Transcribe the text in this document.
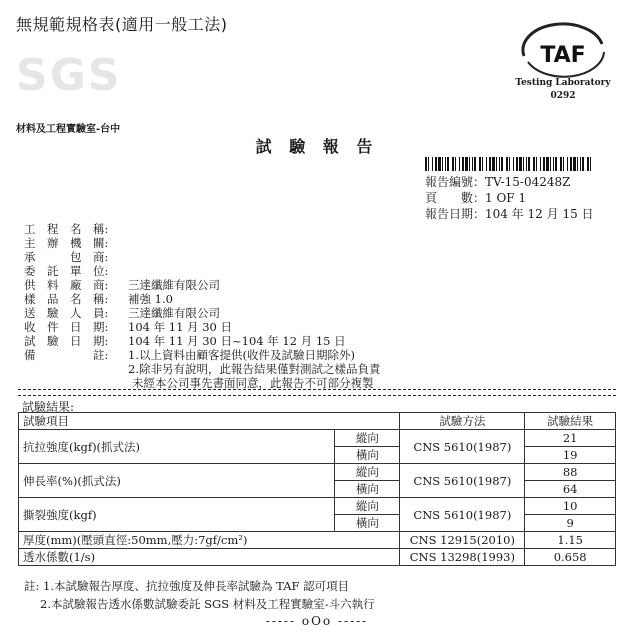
無規範規格表(適用一般工法)
SGS
材料及工程實驗室-台中
TAF
Testing Laboratory
0292
試 驗 報 告
報告編號：TV-15-04248Z
頁　　數：1 OF 1
報告日期：104 年 12 月 15 日
工　程　名　稱:
主　辦　機　關:
承　　　包　商:
委　託　單　位:
供　料　廠　商: 三達纖維有限公司
樣　品　名　稱: 補強 1.0
送　驗　人　員: 三達纖維有限公司
收　件　日　期: 104 年 11 月 30 日
試　驗　日　期: 104 年 11 月 30 日~104 年 12 月 15 日
備　　　　　註: 1.以上資料由顧客提供(收件及試驗日期除外)
2.除非另有說明，此報告結果僅對測試之樣品負責
未經本公司事先書面同意，此報告不可部分複製
試驗結果:
試驗項目		試驗方法	試驗結果
抗拉強度(kgf)(抓式法)	縱向	CNS 5610(1987)	21
	橫向		19
伸長率(%)(抓式法)	縱向	CNS 5610(1987)	88
	橫向		64
撕裂強度(kgf)	縱向	CNS 5610(1987)	10
	橫向		9
厚度(mm)(壓頭直徑:50mm,壓力:7gf/cm²)		CNS 12915(2010)	1.15
透水係數(1/s)		CNS 13298(1993)	0.658
註: 1.本試驗報告厚度、抗拉強度及伸長率試驗為 TAF 認可項目
2.本試驗報告透水係數試驗委託 SGS 材料及工程實驗室-斗六執行
----- oOo -----
